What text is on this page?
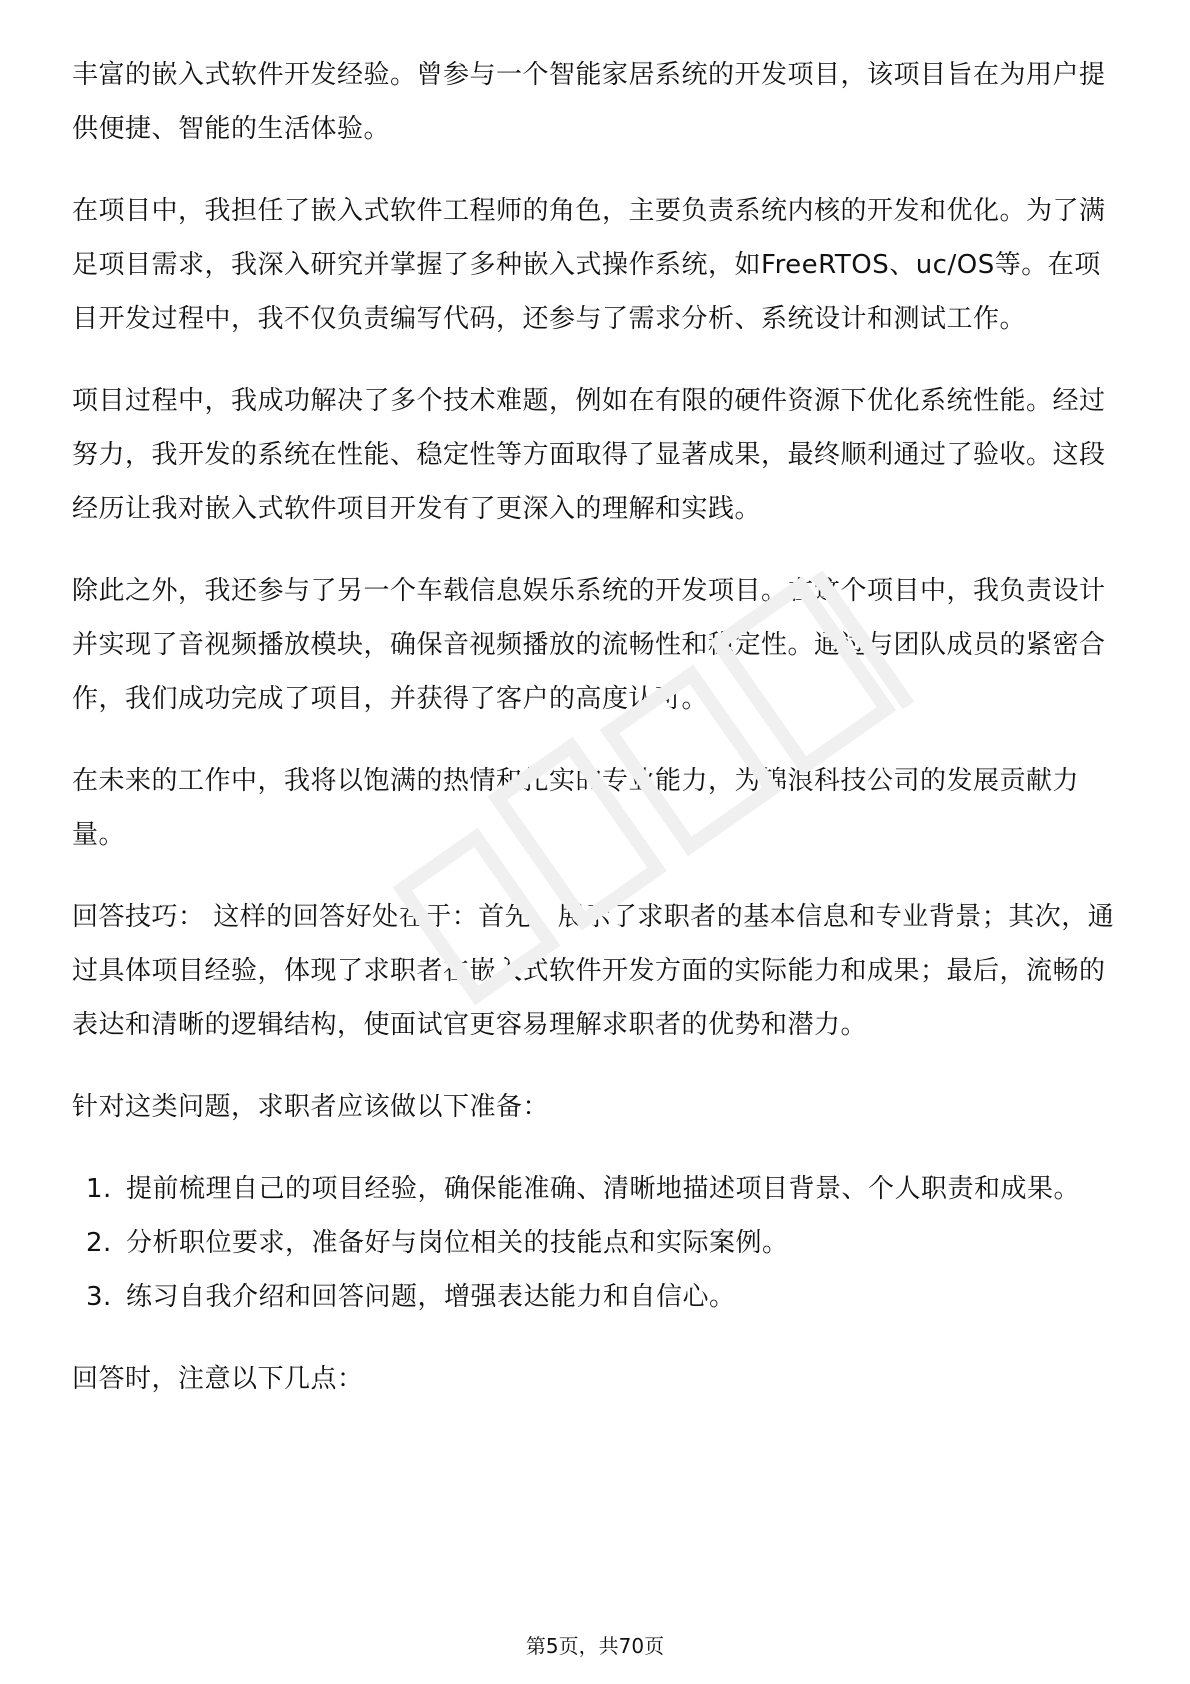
丰富的嵌入式软件开发经验。曾参与一个智能家居系统的开发项目，该项目旨在为用户提供便捷、智能的生活体验。

在项目中，我担任了嵌入式软件工程师的角色，主要负责系统内核的开发和优化。为了满足项目需求，我深入研究并掌握了多种嵌入式操作系统，如FreeRTOS、uc/OS等。在项目开发过程中，我不仅负责编写代码，还参与了需求分析、系统设计和测试工作。

项目过程中，我成功解决了多个技术难题，例如在有限的硬件资源下优化系统性能。经过努力，我开发的系统在性能、稳定性等方面取得了显著成果，最终顺利通过了验收。这段经历让我对嵌入式软件项目开发有了更深入的理解和实践。

除此之外，我还参与了另一个车载信息娱乐系统的开发项目。在这个项目中，我负责设计并实现了音视频播放模块，确保音视频播放的流畅性和稳定性。通过与团队成员的紧密合作，我们成功完成了项目，并获得了客户的高度认可。

在未来的工作中，我将以饱满的热情和扎实的专业能力，为锦浪科技公司的发展贡献力量。

回答技巧： 这样的回答好处在于：首先，展示了求职者的基本信息和专业背景；其次，通过具体项目经验，体现了求职者在嵌入式软件开发方面的实际能力和成果；最后，流畅的表达和清晰的逻辑结构，使面试官更容易理解求职者的优势和潜力。

针对这类问题，求职者应该做以下准备：

1. 提前梳理自己的项目经验，确保能准确、清晰地描述项目背景、个人职责和成果。
2. 分析职位要求，准备好与岗位相关的技能点和实际案例。
3. 练习自我介绍和回答问题，增强表达能力和自信心。

回答时，注意以下几点：

第5页，共70页
